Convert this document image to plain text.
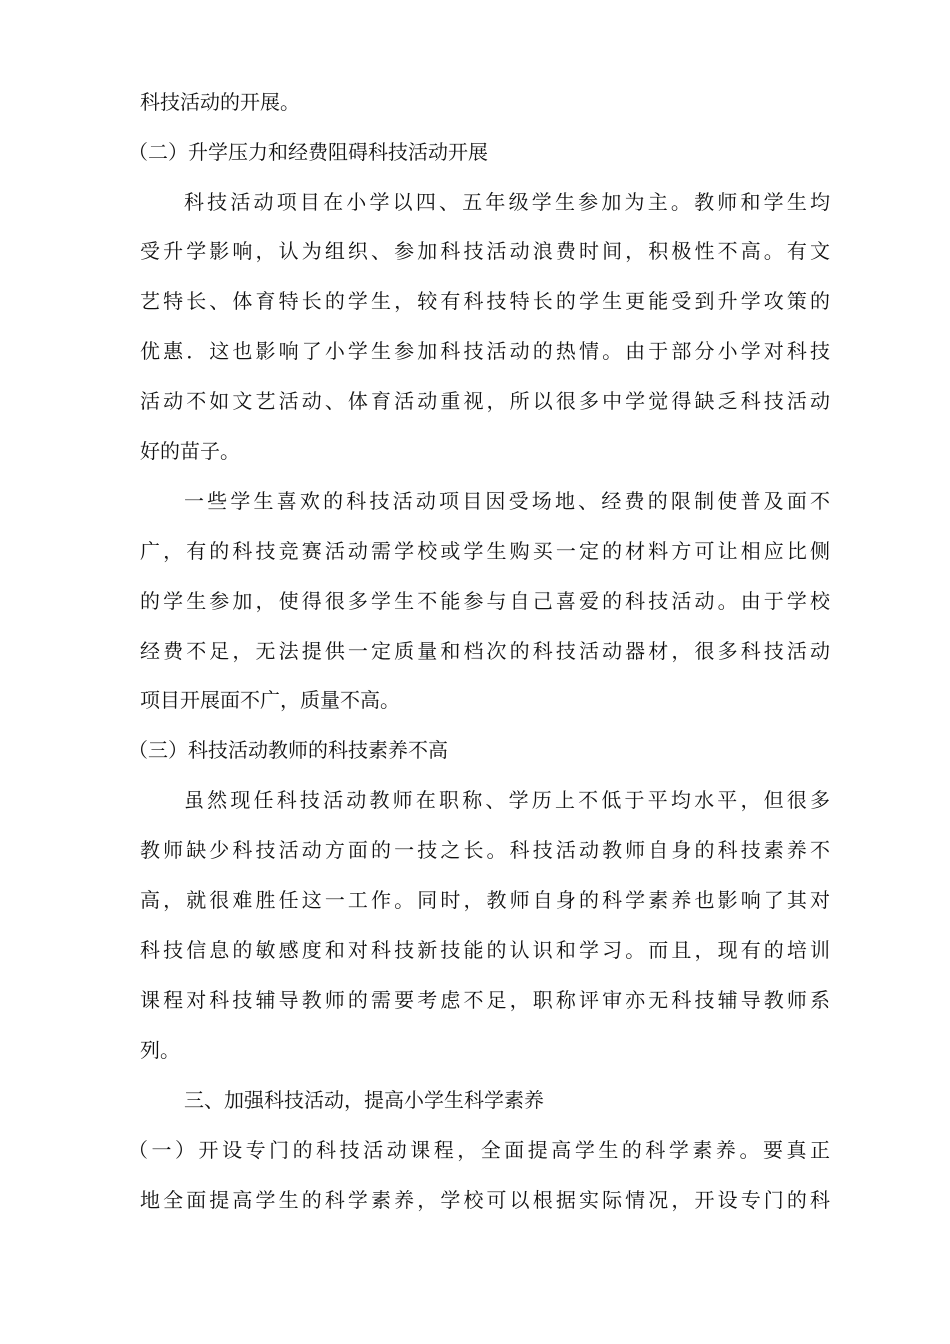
科技活动的开展。
（二）升学压力和经费阻碍科技活动开展
科技活动项目在小学以四、五年级学生参加为主。教师和学生均
受升学影响，认为组织、参加科技活动浪费时间，积极性不高。有文
艺特长、体育特长的学生，较有科技特长的学生更能受到升学攻策的
优惠．这也影响了小学生参加科技活动的热情。由于部分小学对科技
活动不如文艺活动、体育活动重视，所以很多中学觉得缺乏科技活动
好的苗子。
一些学生喜欢的科技活动项目因受场地、经费的限制使普及面不
广，有的科技竞赛活动需学校或学生购买一定的材料方可让相应比侧
的学生参加，使得很多学生不能参与自己喜爱的科技活动。由于学校
经费不足，无法提供一定质量和档次的科技活动器材，很多科技活动
项目开展面不广，质量不高。
（三）科技活动教师的科技素养不高
虽然现任科技活动教师在职称、学历上不低于平均水平，但很多
教师缺少科技活动方面的一技之长。科技活动教师自身的科技素养不
高，就很难胜任这一工作。同时，教师自身的科学素养也影响了其对
科技信息的敏感度和对科技新技能的认识和学习。而且，现有的培训
课程对科技辅导教师的需要考虑不足，职称评审亦无科技辅导教师系
列。
三、加强科技活动，提高小学生科学素养
（一）开设专门的科技活动课程，全面提高学生的科学素养。要真正
地全面提高学生的科学素养，学校可以根据实际情况，开设专门的科
